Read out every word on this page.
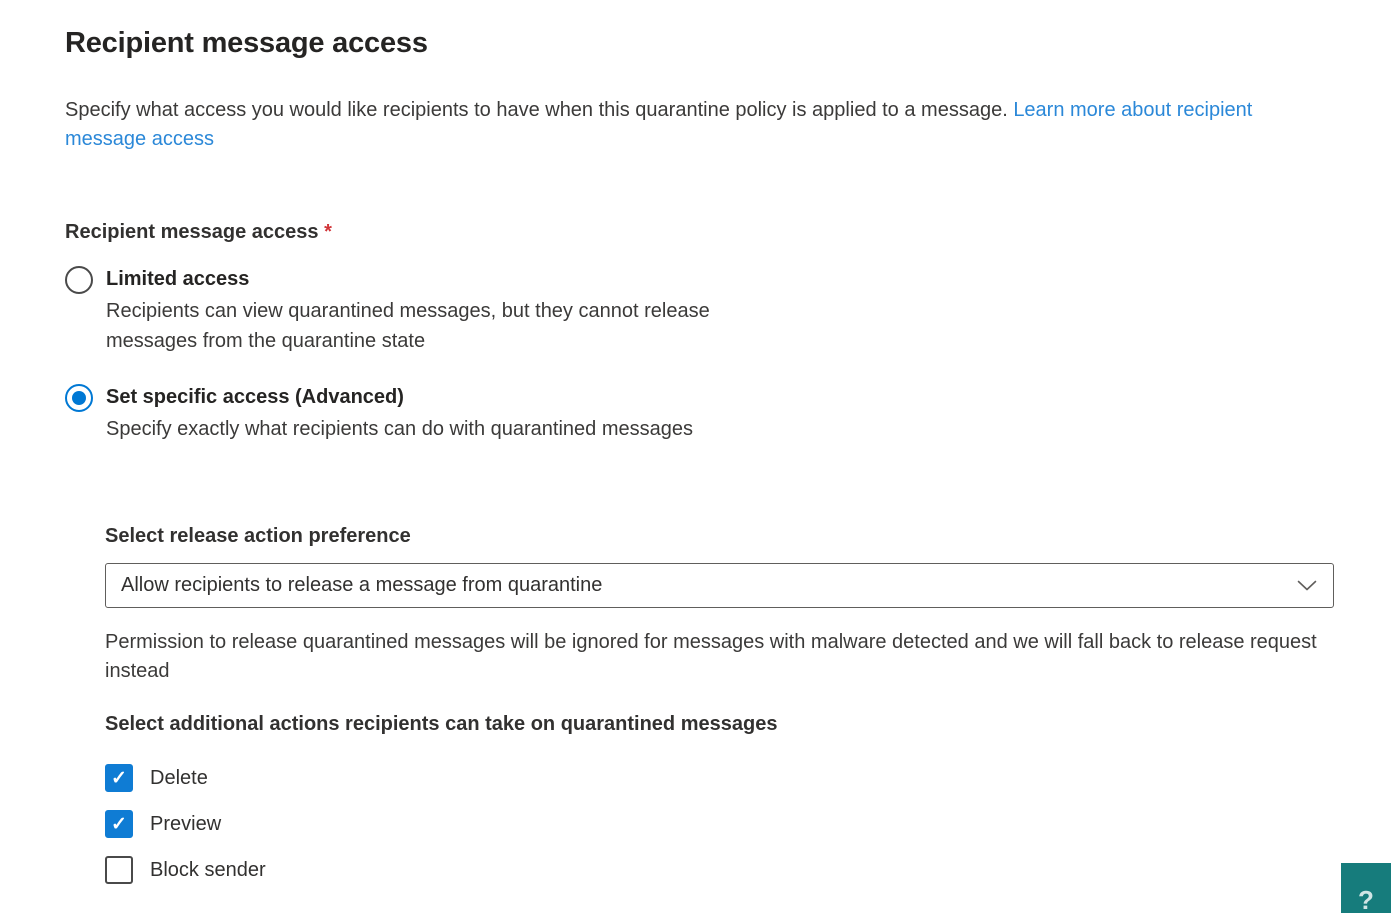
Recipient message access

Specify what access you would like recipients to have when this quarantine policy is applied to a message. Learn more about recipient message access

Recipient message access *
Limited access
Recipients can view quarantined messages, but they cannot release messages from the quarantine state
Set specific access (Advanced)
Specify exactly what recipients can do with quarantined messages
Select release action preference
Allow recipients to release a message from quarantine

Permission to release quarantined messages will be ignored for messages with malware detected and we will fall back to release request instead

Select additional actions recipients can take on quarantined messages
✓ Delete
✓ Preview
Block sender
?
